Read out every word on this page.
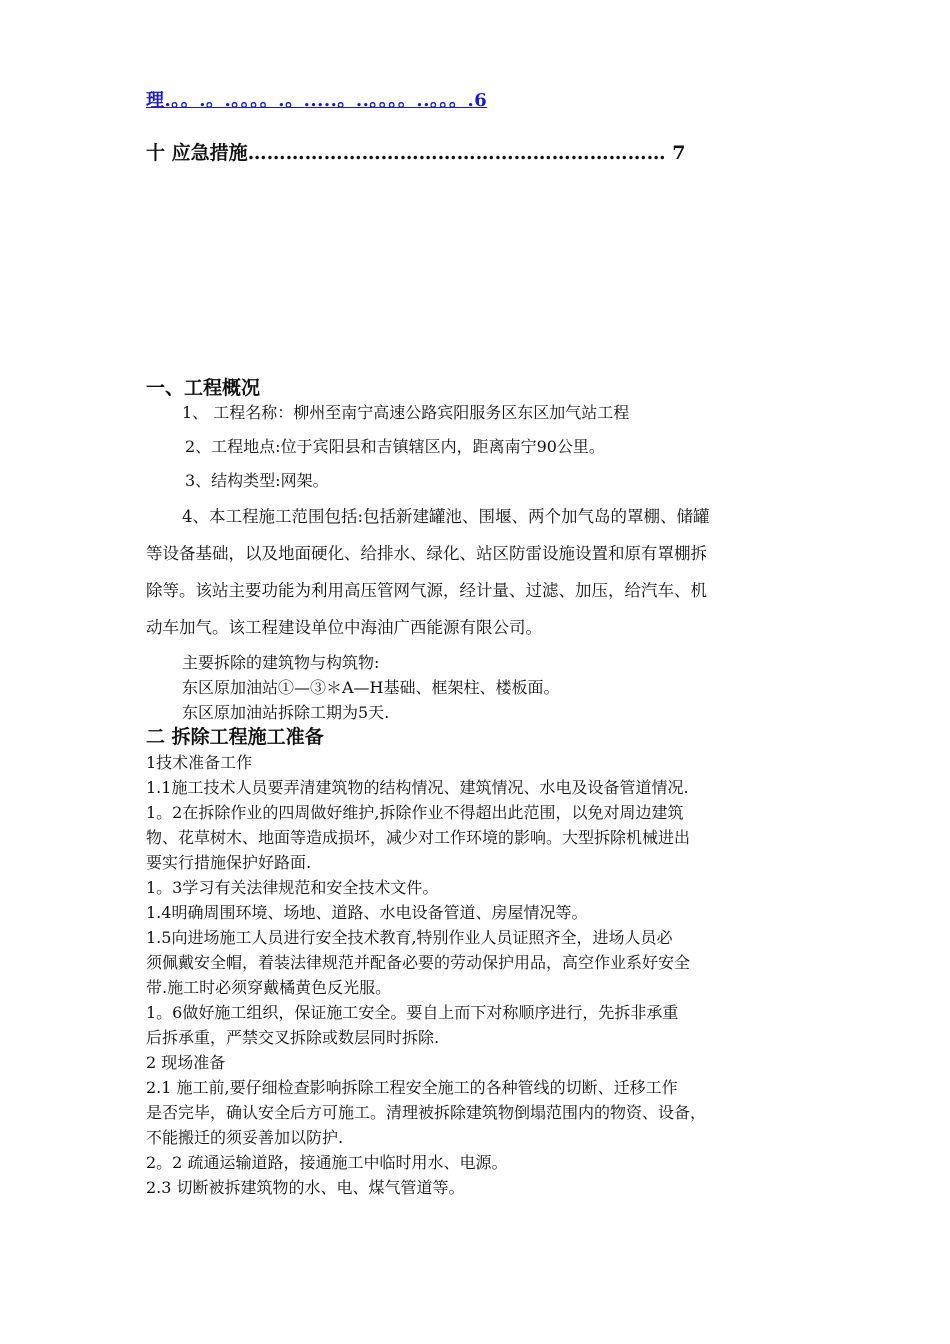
理.。。.。.。。。。.。.....。..。。。。..。。。.6
十 应急措施………………………………………………………… 7
一、工程概况
1、 工程名称：柳州至南宁高速公路宾阳服务区东区加气站工程
2、工程地点:位于宾阳县和吉镇辖区内，距离南宁90公里。
3、结构类型:网架。
4、本工程施工范围包括:包括新建罐池、围堰、两个加气岛的罩棚、储罐
等设备基础，以及地面硬化、给排水、绿化、站区防雷设施设置和原有罩棚拆
除等。该站主要功能为利用高压管网气源，经计量、过滤、加压，给汽车、机
动车加气。该工程建设单位中海油广西能源有限公司。
主要拆除的建筑物与构筑物:
东区原加油站①—③＊A—H基础、框架柱、楼板面。
东区原加油站拆除工期为5天.
二 拆除工程施工准备
1技术准备工作
1.1施工技术人员要弄清建筑物的结构情况、建筑情况、水电及设备管道情况.
1。2在拆除作业的四周做好维护,拆除作业不得超出此范围，以免对周边建筑
物、花草树木、地面等造成损坏，减少对工作环境的影响。大型拆除机械进出
要实行措施保护好路面.
1。3学习有关法律规范和安全技术文件。
1.4明确周围环境、场地、道路、水电设备管道、房屋情况等。
1.5向进场施工人员进行安全技术教育,特别作业人员证照齐全，进场人员必
须佩戴安全帽，着装法律规范并配备必要的劳动保护用品，高空作业系好安全
带.施工时必须穿戴橘黄色反光服。
1。6做好施工组织，保证施工安全。要自上而下对称顺序进行，先拆非承重
后拆承重，严禁交叉拆除或数层同时拆除.
2 现场准备
2.1 施工前,要仔细检查影响拆除工程安全施工的各种管线的切断、迁移工作
是否完毕，确认安全后方可施工。清理被拆除建筑物倒塌范围内的物资、设备，
不能搬迁的须妥善加以防护.
2。2 疏通运输道路，接通施工中临时用水、电源。
2.3 切断被拆建筑物的水、电、煤气管道等。
